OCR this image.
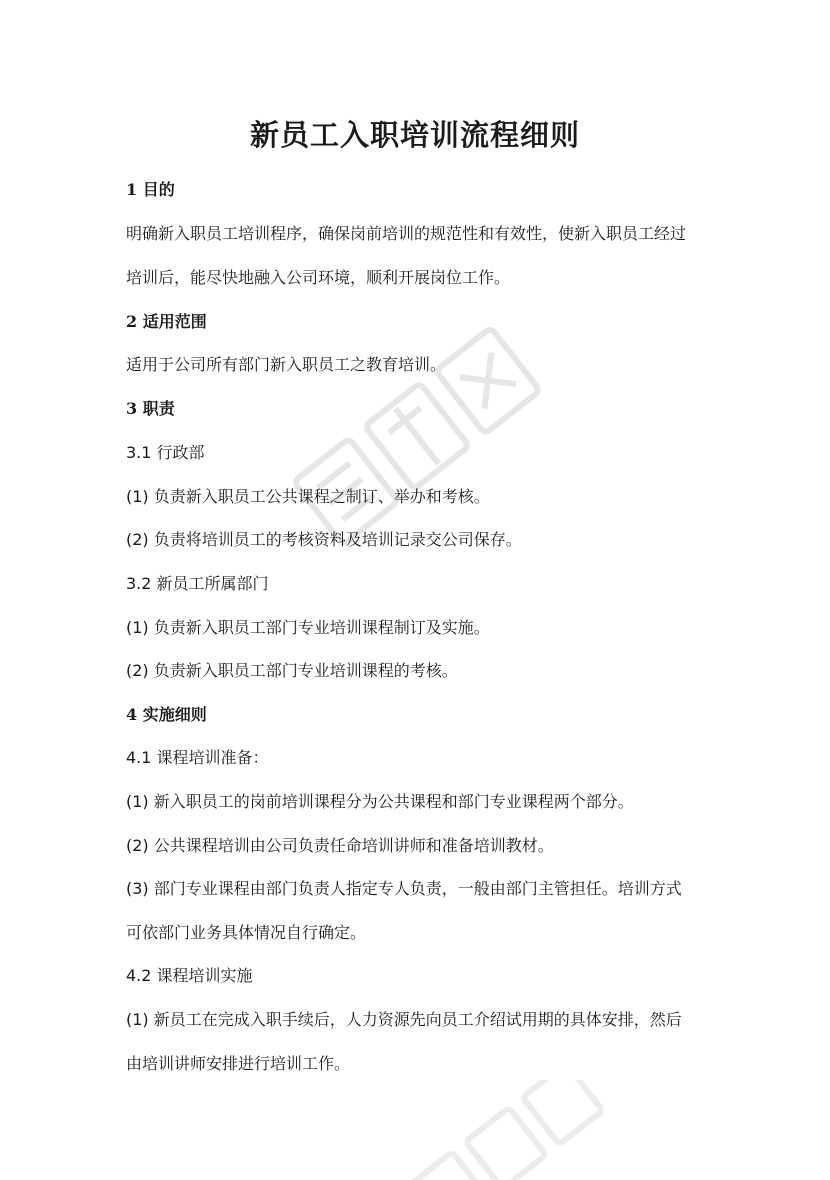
新员工入职培训流程细则

1 目的

明确新入职员工培训程序，确保岗前培训的规范性和有效性，使新入职员工经过

培训后，能尽快地融入公司环境，顺利开展岗位工作。

2 适用范围

适用于公司所有部门新入职员工之教育培训。

3 职责

3.1 行政部

(1) 负责新入职员工公共课程之制订、举办和考核。

(2) 负责将培训员工的考核资料及培训记录交公司保存。

3.2 新员工所属部门

(1) 负责新入职员工部门专业培训课程制订及实施。

(2) 负责新入职员工部门专业培训课程的考核。

4 实施细则

4.1 课程培训准备：

(1) 新入职员工的岗前培训课程分为公共课程和部门专业课程两个部分。

(2) 公共课程培训由公司负责任命培训讲师和准备培训教材。

(3) 部门专业课程由部门负责人指定专人负责，一般由部门主管担任。培训方式

可依部门业务具体情况自行确定。

4.2 课程培训实施

(1) 新员工在完成入职手续后，人力资源先向员工介绍试用期的具体安排，然后

由培训讲师安排进行培训工作。
